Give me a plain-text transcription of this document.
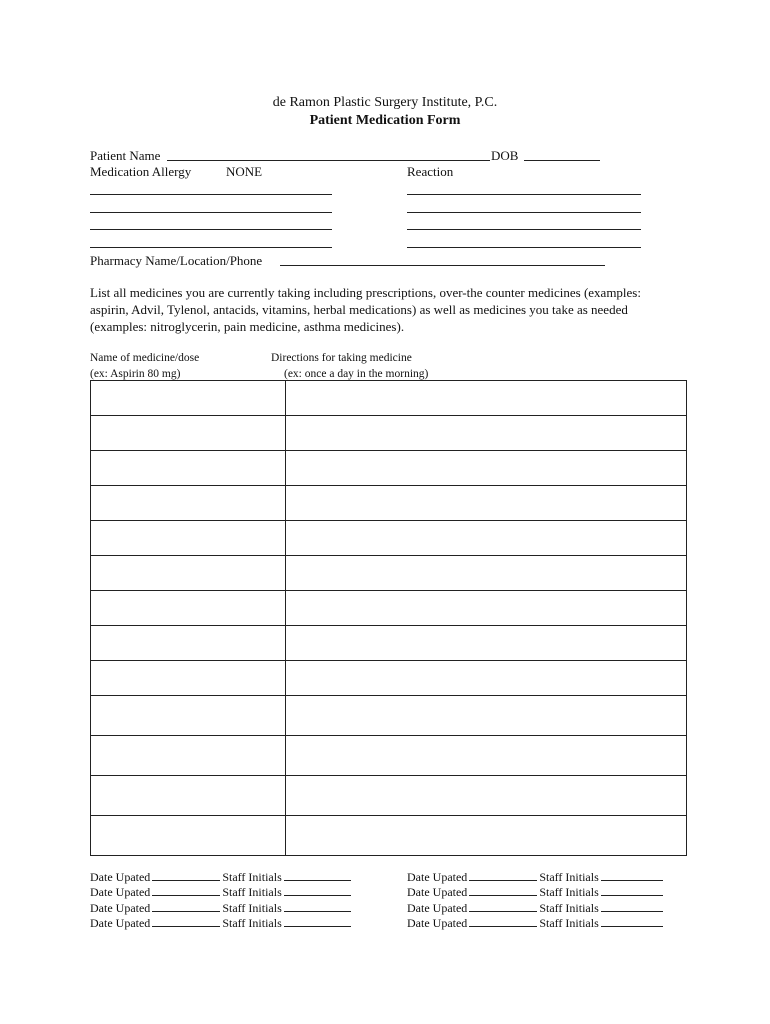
de Ramon Plastic Surgery Institute, P.C.
Patient Medication Form
Patient Name	DOB
Medication Allergy	NONE	Reaction
Pharmacy Name/Location/Phone
List all medicines you are currently taking including prescriptions, over-the counter medicines (examples:
aspirin, Advil, Tylenol, antacids, vitamins, herbal medications) as well as medicines you take as needed
(examples: nitroglycerin, pain medicine, asthma medicines).
Name of medicine/dose
(ex: Aspirin 80 mg)
Directions for taking medicine
(ex: once a day in the morning)

Date Upated	Staff Initials
Date Upated	Staff Initials
Date Upated	Staff Initials
Date Upated	Staff Initials
Date Upated	Staff Initials
Date Upated	Staff Initials
Date Upated	Staff Initials
Date Upated	Staff Initials
